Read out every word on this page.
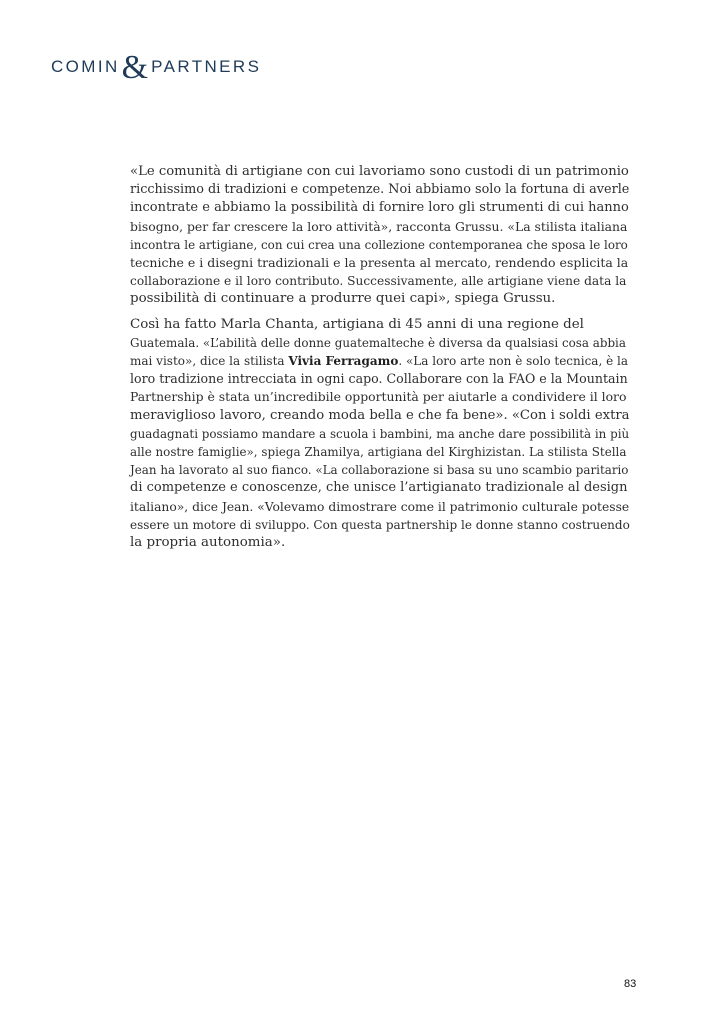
COMIN & PARTNERS

«Le comunità di artigiane con cui lavoriamo sono custodi di un patrimonio
ricchissimo di tradizioni e competenze. Noi abbiamo solo la fortuna di averle
incontrate e abbiamo la possibilità di fornire loro gli strumenti di cui hanno
bisogno, per far crescere la loro attività», racconta Grussu. «La stilista italiana
incontra le artigiane, con cui crea una collezione contemporanea che sposa le loro
tecniche e i disegni tradizionali e la presenta al mercato, rendendo esplicita la
collaborazione e il loro contributo. Successivamente, alle artigiane viene data la
possibilità di continuare a produrre quei capi», spiega Grussu.

Così ha fatto Marla Chanta, artigiana di 45 anni di una regione del
Guatemala. «L’abilità delle donne guatemalteche è diversa da qualsiasi cosa abbia
mai visto», dice la stilista Vivia Ferragamo. «La loro arte non è solo tecnica, è la
loro tradizione intrecciata in ogni capo. Collaborare con la FAO e la Mountain
Partnership è stata un’incredibile opportunità per aiutarle a condividere il loro
meraviglioso lavoro, creando moda bella e che fa bene». «Con i soldi extra
guadagnati possiamo mandare a scuola i bambini, ma anche dare possibilità in più
alle nostre famiglie», spiega Zhamilya, artigiana del Kirghizistan. La stilista Stella
Jean ha lavorato al suo fianco. «La collaborazione si basa su uno scambio paritario
di competenze e conoscenze, che unisce l’artigianato tradizionale al design
italiano», dice Jean. «Volevamo dimostrare come il patrimonio culturale potesse
essere un motore di sviluppo. Con questa partnership le donne stanno costruendo
la propria autonomia».

83
